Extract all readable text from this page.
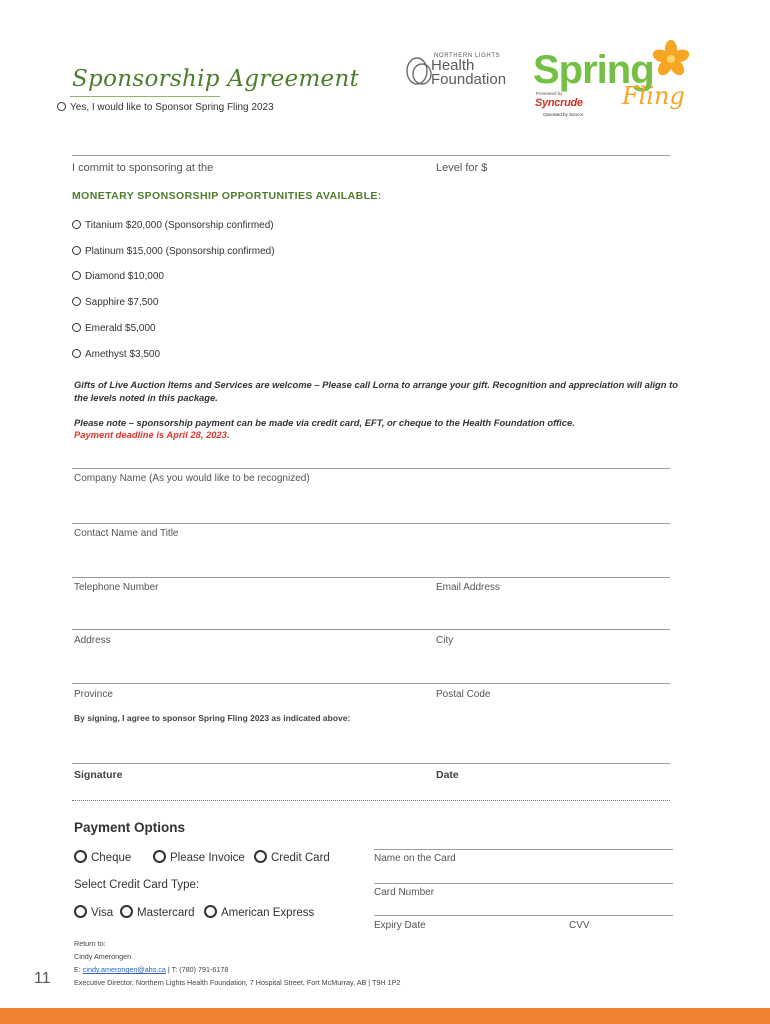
NORTHERN LIGHTS
Health
Foundation Spring
Fling
Presented by
Syncrude
Operated by Suncor
Sponsorship Agreement
Yes, I would like to Sponsor Spring Fling 2023
I commit to sponsoring at the	Level for $
MONETARY SPONSORSHIP OPPORTUNITIES AVAILABLE:
Titanium $20,000 (Sponsorship confirmed)
Platinum $15,000 (Sponsorship confirmed)
Diamond $10,000
Sapphire $7,500
Emerald $5,000
Amethyst $3,500
Gifts of Live Auction Items and Services are welcome – Please call Lorna to arrange your gift. Recognition and appreciation will align to the levels noted in this package.
Please note – sponsorship payment can be made via credit card, EFT, or cheque to the Health Foundation office.
Payment deadline is April 28, 2023.
Company Name (As you would like to be recognized)
Contact Name and Title
Telephone Number	Email Address
Address	City
Province	Postal Code
By signing, I agree to sponsor Spring Fling 2023 as indicated above:
Signature	Date
Payment Options
Cheque	Please Invoice	Credit Card
Select Credit Card Type:
Visa	Mastercard	American Express
Name on the Card
Card Number
Expiry Date	CVV
Return to:
Cindy Amerongen
E: cindy.amerongen@ahs.ca | T: (780) 791-6178
Executive Director, Northern Lights Health Foundation, 7 Hospital Street, Fort McMurray, AB | T9H 1P2
11
